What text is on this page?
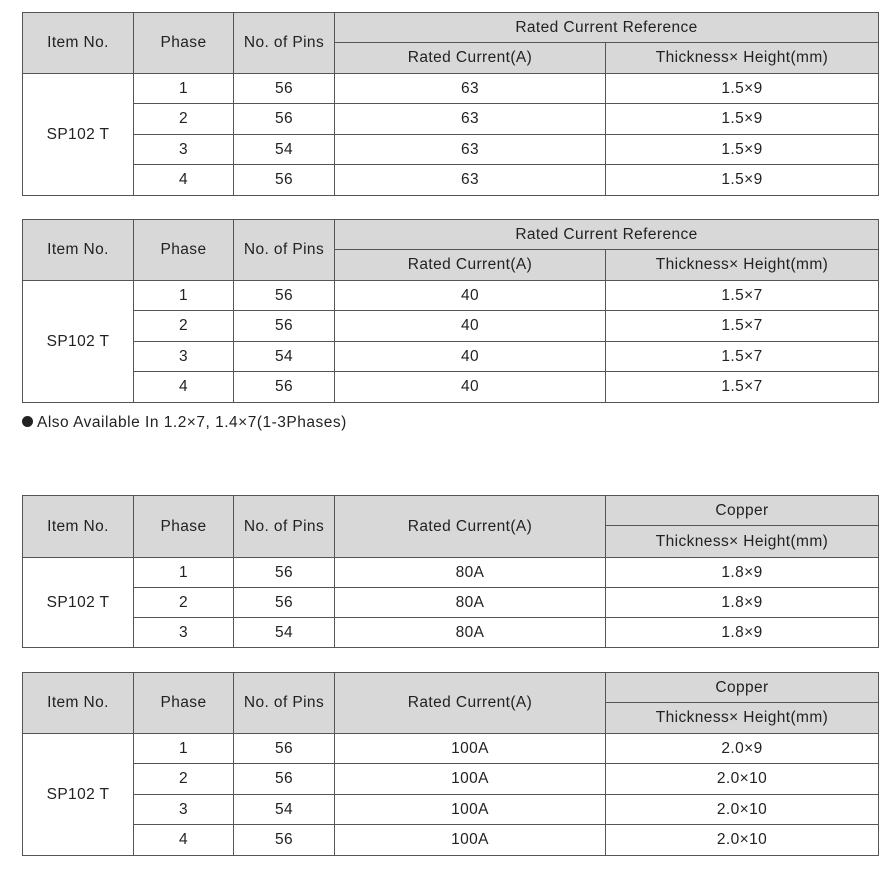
Item No.	Phase	No. of Pins	Rated Current Reference	
			Rated Current(A)	Thickness× Height(mm)
SP102 T	1	56	63	1.5×9
	2	56	63	1.5×9
	3	54	63	1.5×9
	4	56	63	1.5×9
Item No.	Phase	No. of Pins	Rated Current Reference	
			Rated Current(A)	Thickness× Height(mm)
SP102 T	1	56	40	1.5×7
	2	56	40	1.5×7
	3	54	40	1.5×7
	4	56	40	1.5×7
Also Available In 1.2×7, 1.4×7(1-3Phases)
Item No.	Phase	No. of Pins	Rated Current(A)	Copper
				Thickness× Height(mm)
SP102 T	1	56	80A	1.8×9
	2	56	80A	1.8×9
	3	54	80A	1.8×9
Item No.	Phase	No. of Pins	Rated Current(A)	Copper
				Thickness× Height(mm)
SP102 T	1	56	100A	2.0×9
	2	56	100A	2.0×10
	3	54	100A	2.0×10
	4	56	100A	2.0×10
